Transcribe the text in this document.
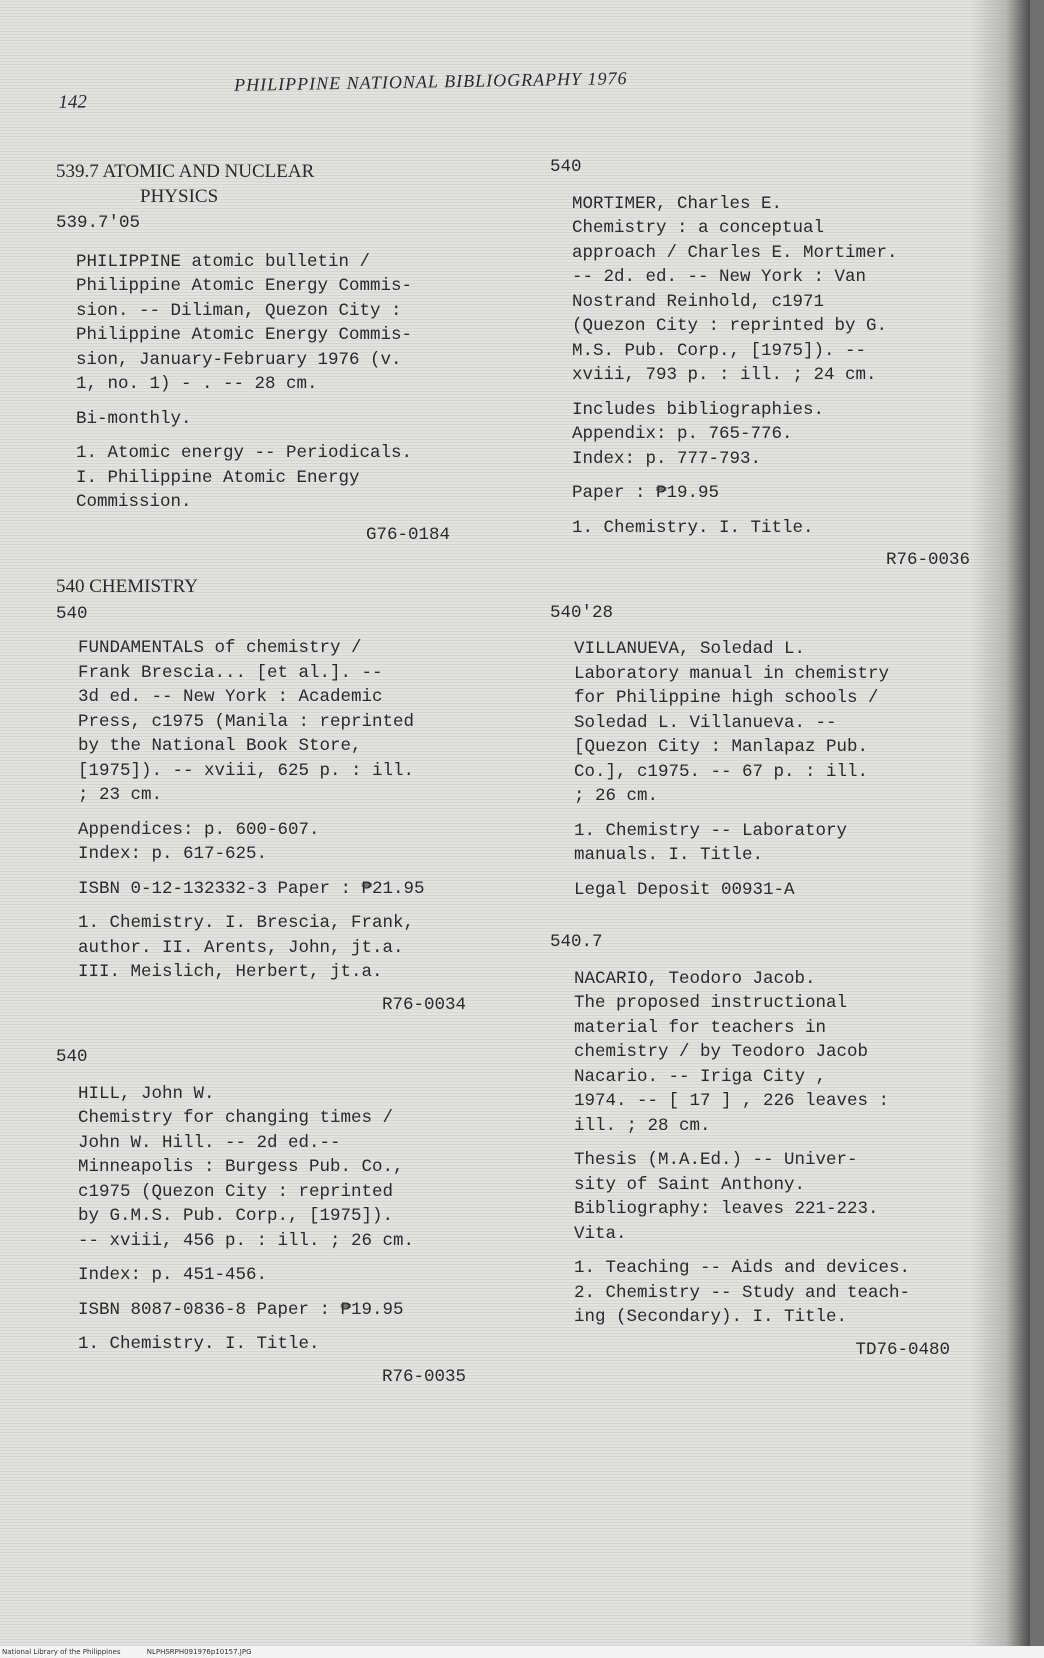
142
PHILIPPINE NATIONAL BIBLIOGRAPHY 1976
539.7 ATOMIC AND NUCLEAR
PHYSICS
539.7'05
PHILIPPINE atomic bulletin /
Philippine Atomic Energy Commis-
sion. -- Diliman, Quezon City :
Philippine Atomic Energy Commis-
sion, January-February 1976 (v.
1, no. 1) - . -- 28 cm.
Bi-monthly.
1. Atomic energy -- Periodicals.
I. Philippine Atomic Energy
Commission.
G76-0184
540 CHEMISTRY
540
FUNDAMENTALS of chemistry /
Frank Brescia... [et al.]. --
3d ed. -- New York : Academic
Press, c1975 (Manila : reprinted
by the National Book Store,
[1975]). -- xviii, 625 p. : ill.
; 23 cm.
Appendices: p. 600-607.
Index: p. 617-625.
ISBN 0-12-132332-3 Paper : ₱21.95
1. Chemistry. I. Brescia, Frank,
author. II. Arents, John, jt.a.
III. Meislich, Herbert, jt.a.
R76-0034
540
HILL, John W.
Chemistry for changing times /
John W. Hill. -- 2d ed.--
Minneapolis : Burgess Pub. Co.,
c1975 (Quezon City : reprinted
by G.M.S. Pub. Corp., [1975]).
-- xviii, 456 p. : ill. ; 26 cm.
Index: p. 451-456.
ISBN 8087-0836-8 Paper : ₱19.95
1. Chemistry. I. Title.
R76-0035
540
MORTIMER, Charles E.
Chemistry : a conceptual
approach / Charles E. Mortimer.
-- 2d. ed. -- New York : Van
Nostrand Reinhold, c1971
(Quezon City : reprinted by G.
M.S. Pub. Corp., [1975]). --
xviii, 793 p. : ill. ; 24 cm.
Includes bibliographies.
Appendix: p. 765-776.
Index: p. 777-793.
Paper : ₱19.95
1. Chemistry. I. Title.
R76-0036
540'28
VILLANUEVA, Soledad L.
Laboratory manual in chemistry
for Philippine high schools /
Soledad L. Villanueva. --
[Quezon City : Manlapaz Pub.
Co.], c1975. -- 67 p. : ill.
; 26 cm.
1. Chemistry -- Laboratory
manuals. I. Title.
Legal Deposit 00931-A
540.7
NACARIO, Teodoro Jacob.
The proposed instructional
material for teachers in
chemistry / by Teodoro Jacob
Nacario. -- Iriga City ,
1974. -- [ 17 ] , 226 leaves :
ill. ; 28 cm.
Thesis (M.A.Ed.) -- Univer-
sity of Saint Anthony.
Bibliography: leaves 221-223.
Vita.
1. Teaching -- Aids and devices.
2. Chemistry -- Study and teach-
ing (Secondary). I. Title.
TD76-0480
National Library of the Philippines	NLPHSRPH091976p10157.JPG
